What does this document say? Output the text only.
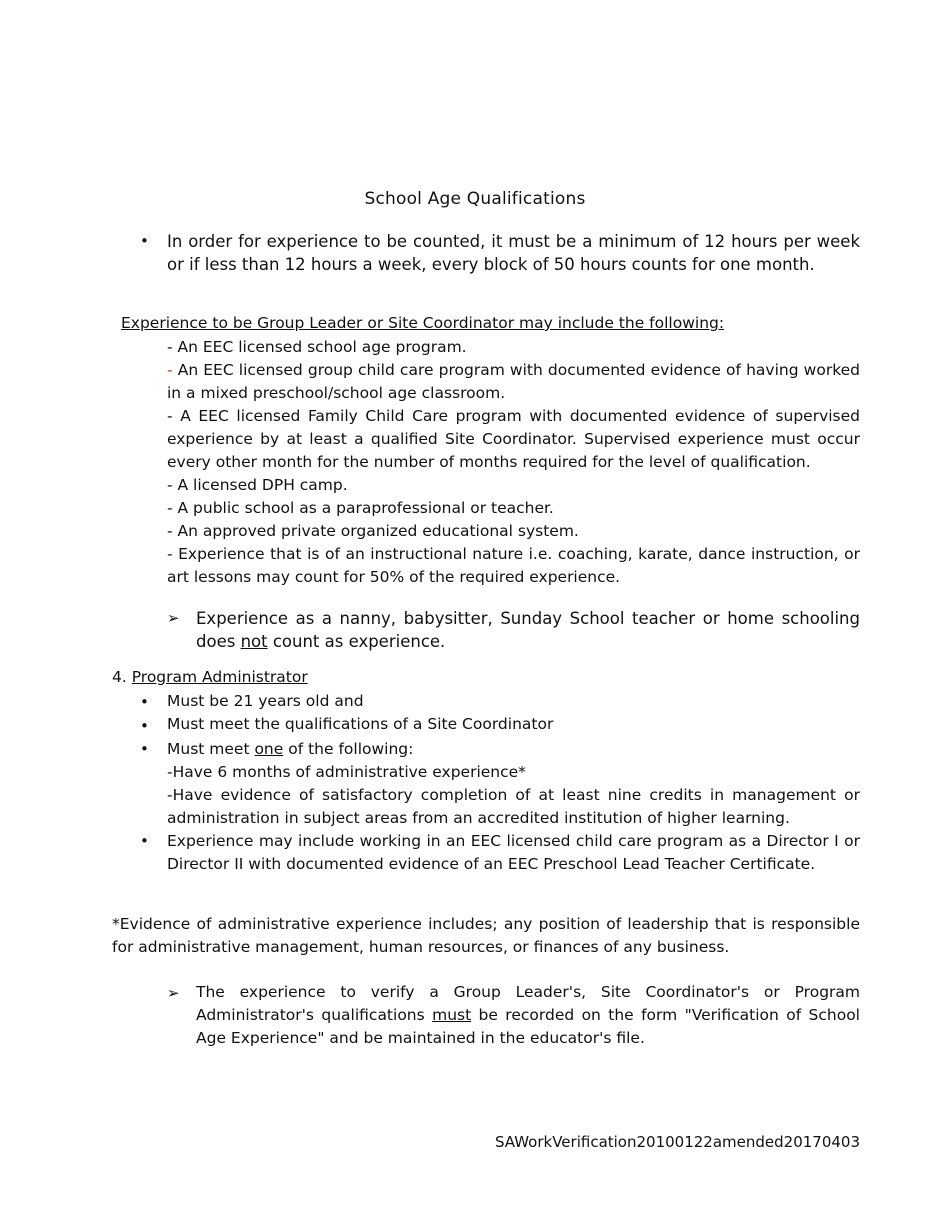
School Age Qualifications
• In order for experience to be counted, it must be a minimum of 12 hours per week or if less than 12 hours a week, every block of 50 hours counts for one month.
Experience to be Group Leader or Site Coordinator may include the following:
- An EEC licensed school age program.
- An EEC licensed group child care program with documented evidence of having worked in a mixed preschool/school age classroom.
- A EEC licensed Family Child Care program with documented evidence of supervised experience by at least a qualified Site Coordinator. Supervised experience must occur every other month for the number of months required for the level of qualification.
- A licensed DPH camp.
- A public school as a paraprofessional or teacher.
- An approved private organized educational system.
- Experience that is of an instructional nature i.e. coaching, karate, dance instruction, or art lessons may count for 50% of the required experience.
➢ Experience as a nanny, babysitter, Sunday School teacher or home schooling does not count as experience.
4. Program Administrator
• Must be 21 years old and
• Must meet the qualifications of a Site Coordinator
• Must meet one of the following:
-Have 6 months of administrative experience*
-Have evidence of satisfactory completion of at least nine credits in management or administration in subject areas from an accredited institution of higher learning.
• Experience may include working in an EEC licensed child care program as a Director I or Director II with documented evidence of an EEC Preschool Lead Teacher Certificate.
*Evidence of administrative experience includes; any position of leadership that is responsible for administrative management, human resources, or finances of any business.
➢ The experience to verify a Group Leader's, Site Coordinator's or Program Administrator's qualifications must be recorded on the form "Verification of School Age Experience" and be maintained in the educator's file.
SAWorkVerification20100122amended20170403
